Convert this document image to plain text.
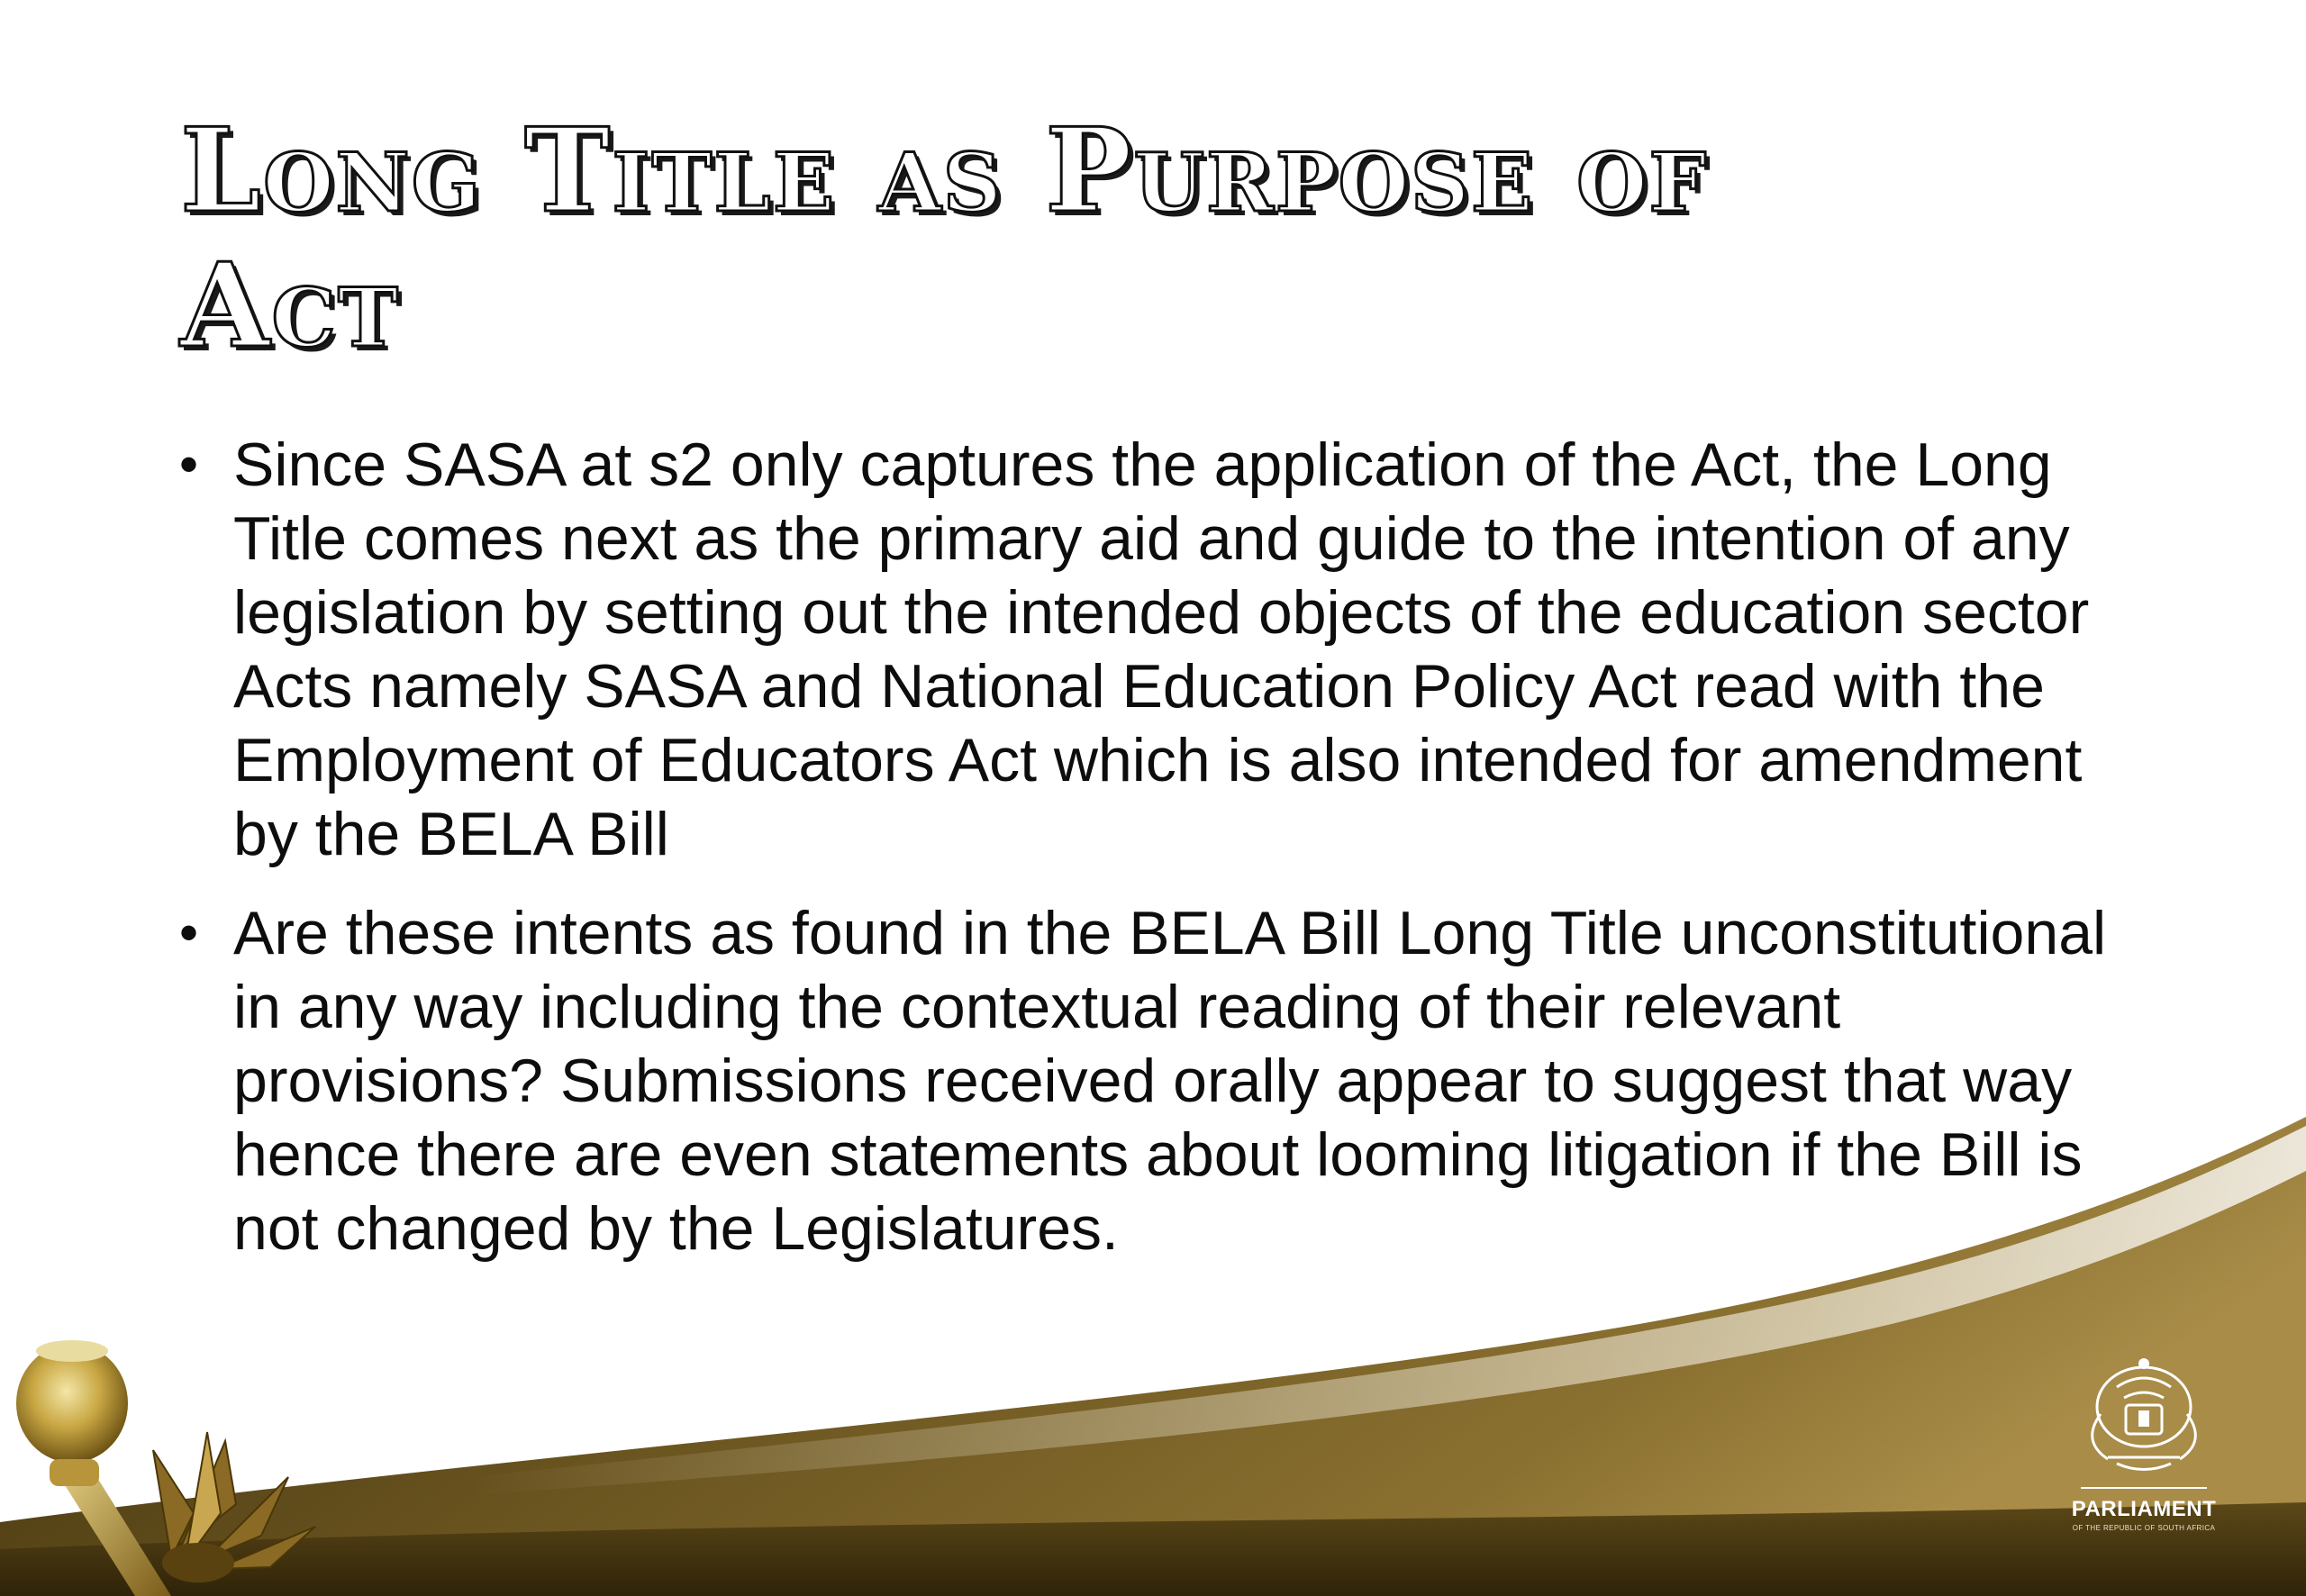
Long Title as Purpose of Act
• Since SASA at s2 only captures the application of the Act, the Long Title comes next as the primary aid and guide to the intention of any legislation by setting out the intended objects of the education sector Acts namely SASA and National Education Policy Act read with the Employment of Educators Act which is also intended for amendment by the BELA Bill
• Are these intents as found in the BELA Bill Long Title unconstitutional in any way including the contextual reading of their relevant provisions? Submissions received orally appear to suggest that way hence there are even statements about looming litigation if the Bill is not changed by the Legislatures.
PARLIAMENT
OF THE REPUBLIC OF SOUTH AFRICA
